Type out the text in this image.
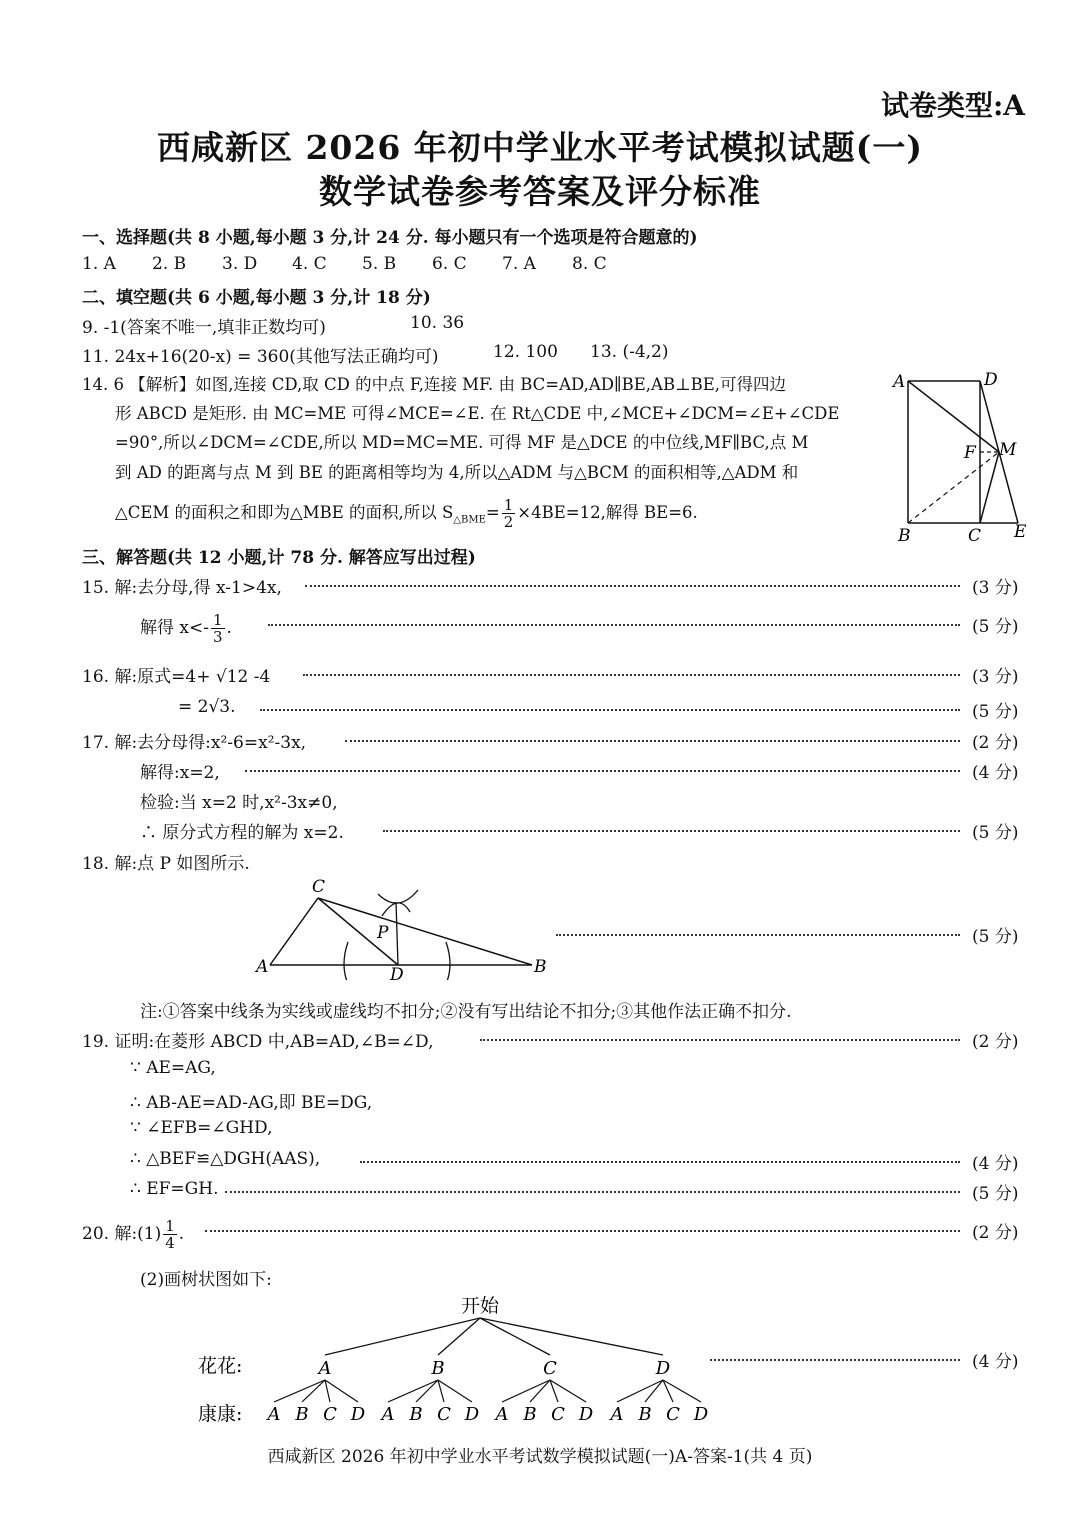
试卷类型:A
西咸新区 2026 年初中学业水平考试模拟试题(一)
数学试卷参考答案及评分标准
一、选择题(共 8 小题,每小题 3 分,计 24 分. 每小题只有一个选项是符合题意的)
1. A 2. B 3. D 4. C 5. B 6. C 7. A 8. C
二、填空题(共 6 小题,每小题 3 分,计 18 分)
9. -1(答案不唯一,填非正数均可)	10. 36
11. 24x+16(20-x) = 360(其他写法正确均可)	12. 100 13. (-4,2)
14. 6 【解析】如图,连接 CD,取 CD 的中点 F,连接 MF. 由 BC=AD,AD∥BE,AB⊥BE,可得四边
形 ABCD 是矩形. 由 MC=ME 可得∠MCE=∠E. 在 Rt△CDE 中,∠MCE+∠DCM=∠E+∠CDE
=90°,所以∠DCM=∠CDE,所以 MD=MC=ME. 可得 MF 是△DCE 的中位线,MF∥BC,点 M
到 AD 的距离与点 M 到 BE 的距离相等均为 4,所以△ADM 与△BCM 的面积相等,△ADM 和
△CEM 的面积之和即为△MBE 的面积,所以 $S_{\triangle BME}= \frac{1}{2} \times 4BE=12$,解得 BE=6.
A	D
F M
B	C E
三、解答题(共 12 小题,计 78 分. 解答应写出过程)
15. 解:去分母,得 x-1>4x,	(3 分)
解得 $x<- \frac{1}{3}$ .	(5 分)
16. 解:原式=4+ √12 -4	(3 分)
= 2√3.	(5 分)
17. 解:去分母得:x²-6=x²-3x,	(2 分)
解得:x=2,	(4 分)
检验:当 x=2 时,x²-3x≠0,
∴ 原分式方程的解为 x=2.	(5 分)
18. 解:点 P 如图所示.
C
P
A	D	B
(5 分)
注:①答案中线条为实线或虚线均不扣分;②没有写出结论不扣分;③其他作法正确不扣分.
19. 证明:在菱形 ABCD 中,AB=AD,∠B=∠D,	(2 分)
∵ AE=AG,
∴ AB-AE=AD-AG,即 BE=DG,
∵ ∠EFB=∠GHD,
∴ △BEF≌△DGH(AAS),	(4 分)
∴ EF=GH.	(5 分)
20. 解:(1) $\frac{1}{4}$ .	(2 分)
(2)画树状图如下:
开始
花花:
康康:
A	B	C	D
A B C D A B C D A B C D A B C D
(4 分)
西咸新区 2026 年初中学业水平考试数学模拟试题(一)A-答案-1(共 4 页)
